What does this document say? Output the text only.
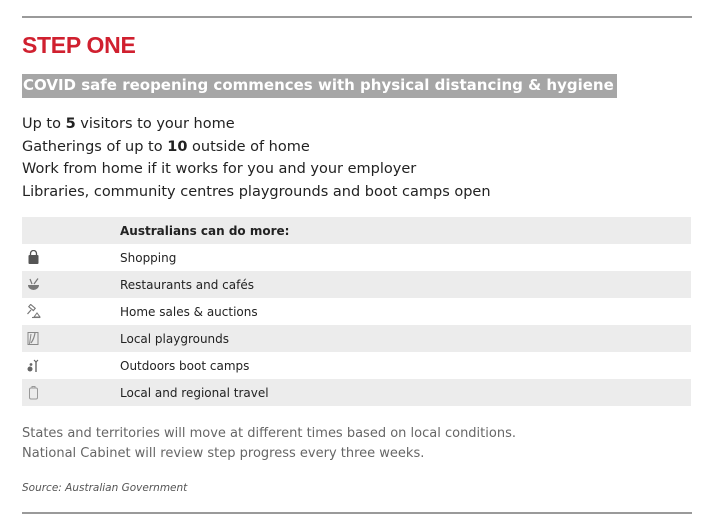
STEP ONE
COVID safe reopening commences with physical distancing & hygiene
Up to 5 visitors to your home
Gatherings of up to 10 outside of home
Work from home if it works for you and your employer
Libraries, community centres playgrounds and boot camps open
Australians can do more:
Shopping
Restaurants and cafés
Home sales & auctions
Local playgrounds
Outdoors boot camps
Local and regional travel
States and territories will move at different times based on local conditions.
National Cabinet will review step progress every three weeks.
Source: Australian Government
